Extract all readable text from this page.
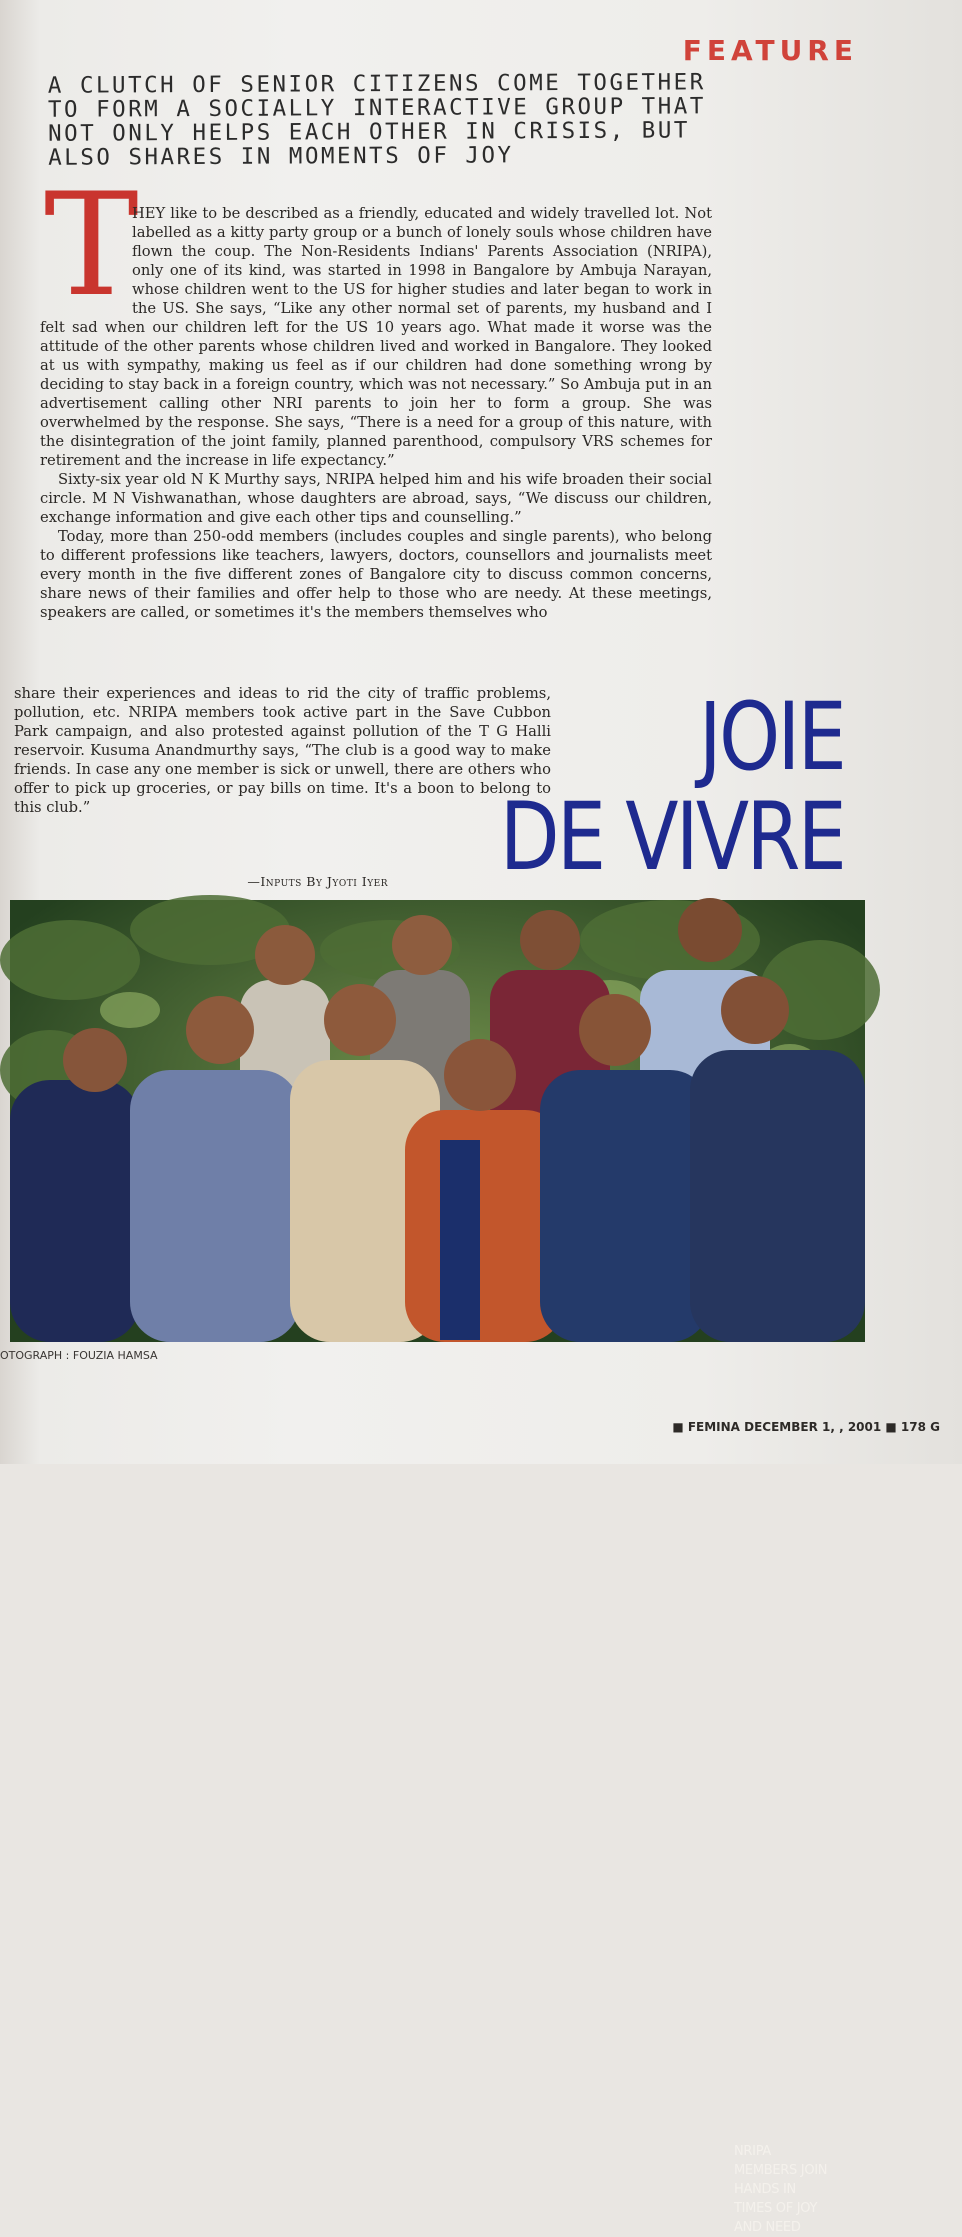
FEATURE
A CLUTCH OF SENIOR CITIZENS COME TOGETHER
TO FORM A SOCIALLY INTERACTIVE GROUP THAT
NOT ONLY HELPS EACH OTHER IN CRISIS, BUT
ALSO SHARES IN MOMENTS OF JOY
T

HEY like to be described as a friendly, educated and widely travelled lot. Not labelled as a kitty party group or a bunch of lonely souls whose children have flown the coup. The Non-Residents Indians' Parents Association (NRIPA), only one of its kind, was started in 1998 in Bangalore by Ambuja Narayan, whose children went to the US for higher studies and later began to work in the US. She says, “Like any other normal set of parents, my husband and I felt sad when our children left for the US 10 years ago. What made it worse was the attitude of the other parents whose children lived and worked in Bangalore. They looked at us with sympathy, making us feel as if our children had done something wrong by deciding to stay back in a foreign country, which was not necessary.” So Ambuja put in an advertisement calling other NRI parents to join her to form a group. She was overwhelmed by the response. She says, “There is a need for a group of this nature, with the disintegration of the joint family, planned parenthood, compulsory VRS schemes for retirement and the increase in life expectancy.”

Sixty-six year old N K Murthy says, NRIPA helped him and his wife broaden their social circle. M N Vishwanathan, whose daughters are abroad, says, “We discuss our children, exchange information and give each other tips and counselling.”

Today, more than 250-odd members (includes couples and single parents), who belong to different professions like teachers, lawyers, doctors, counsellors and journalists meet every month in the five different zones of Bangalore city to discuss common concerns, share news of their families and offer help to those who are needy. At these meetings, speakers are called, or sometimes it's the members themselves who

share their experiences and ideas to rid the city of traffic problems, pollution, etc. NRIPA members took active part in the Save Cubbon Park campaign, and also protested against pollution of the T G Halli reservoir. Kusuma Anandmurthy says, “The club is a good way to make friends. In case any one member is sick or unwell, there are others who offer to pick up groceries, or pay bills on time. It's a boon to belong to this club.”

—Inputs By Jyoti Iyer
JOIE
DE VIVRE
NRIPA
MEMBERS JOIN
HANDS IN
TIMES OF JOY
AND NEED
OTOGRAPH : FOUZIA HAMSA
■ FEMINA DECEMBER 1, , 2001 ■ 178 G
